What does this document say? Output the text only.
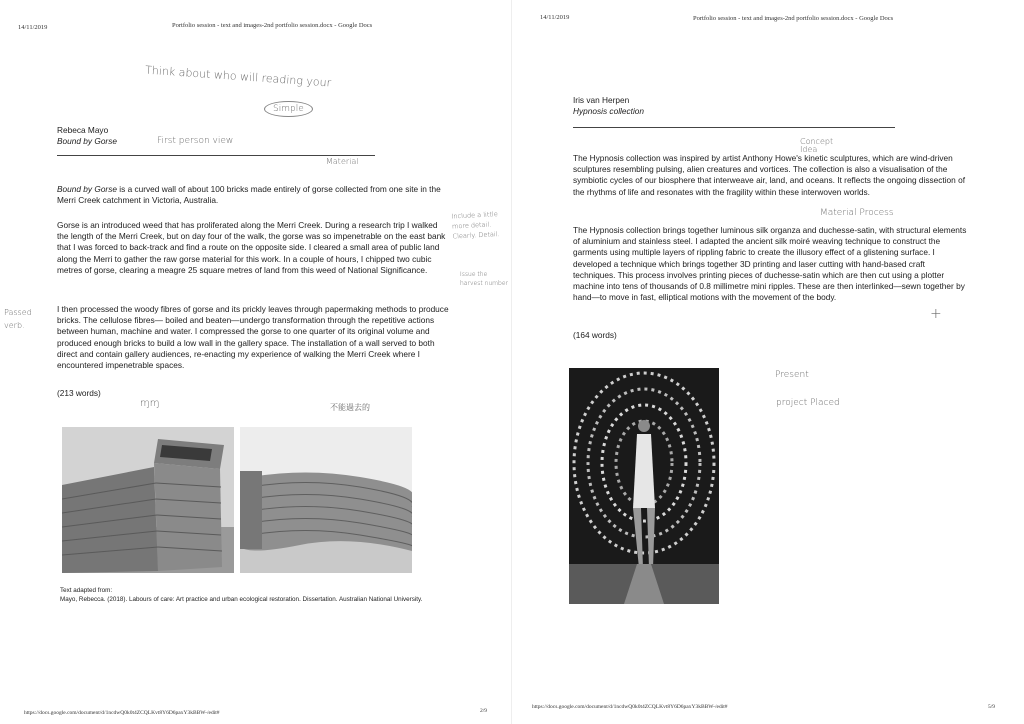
14/11/2019	Portfolio session - text and images-2nd portfolio session.docx - Google Docs
Think about who will reading your
Simple
First person view
Rebeca Mayo
Bound by Gorse
Material

Bound by Gorse is a curved wall of about 100 bricks made entirely of gorse collected from one site in the Merri Creek catchment in Victoria, Australia.

Gorse is an introduced weed that has proliferated along the Merri Creek. During a research trip I walked the length of the Merri Creek, but on day four of the walk, the gorse was so impenetrable on the east bank that I was forced to back-track and find a route on the opposite side. I cleared a small area of public land along the Merri to gather the raw gorse material for this work. In a couple of hours, I chipped two cubic metres of gorse, clearing a meagre 25 square metres of land from this weed of National Significance.

Include a little more detail. Clearly. Detail.
Issue the harvest number

I then processed the woody fibres of gorse and its prickly leaves through papermaking methods to produce bricks. The cellulose fibres— boiled and beaten—undergo transformation through the repetitive actions between human, machine and water. I compressed the gorse to one quarter of its original volume and produced enough bricks to build a low wall in the gallery space. The installation of a wall served to both direct and contain gallery audiences, re-enacting my experience of walking the Merri Creek where I encountered impenetrable spaces.

Passed verb.
不能過去的
(213 words)
ɱɱ
Text adapted from:
Mayo, Rebecca. (2018). Labours of care: Art practice and urban ecological restoration. Dissertation. Australian National University.
https://docs.google.com/document/d/1ncdwQ0k0t4ZCQLKvt8Y6D6paxY3kBBW-/edit#	2/9
14/11/2019	Portfolio session - text and images-2nd portfolio session.docx - Google Docs
Iris van Herpen
Hypnosis collection
Concept Idea

The Hypnosis collection was inspired by artist Anthony Howe's kinetic sculptures, which are wind-driven sculptures resembling pulsing, alien creatures and vortices. The collection is also a visualisation of the symbiotic cycles of our biosphere that interweave air, land, and oceans. It reflects the ongoing dissection of the rhythms of life and resonates with the fragility within these interwoven worlds.

Material Process

The Hypnosis collection brings together luminous silk organza and duchesse-satin, with structural elements of aluminium and stainless steel. I adapted the ancient silk moiré weaving technique to construct the garments using multiple layers of rippling fabric to create the illusory effect of a glistening surface. I developed a technique which brings together 3D printing and laser cutting with hand-based craft techniques. This process involves printing pieces of duchesse-satin which are then cut using a plotter machine into tens of thousands of 0.8 millimetre mini ripples. These are then interlinked—sewn together by hand—to move in fast, elliptical motions with the movement of the body.

+
(164 words)
Present
project Placed
https://docs.google.com/document/d/1ncdwQ0k0t4ZCQLKvt8Y6D6paxY3kBBW-/edit#	5/9
